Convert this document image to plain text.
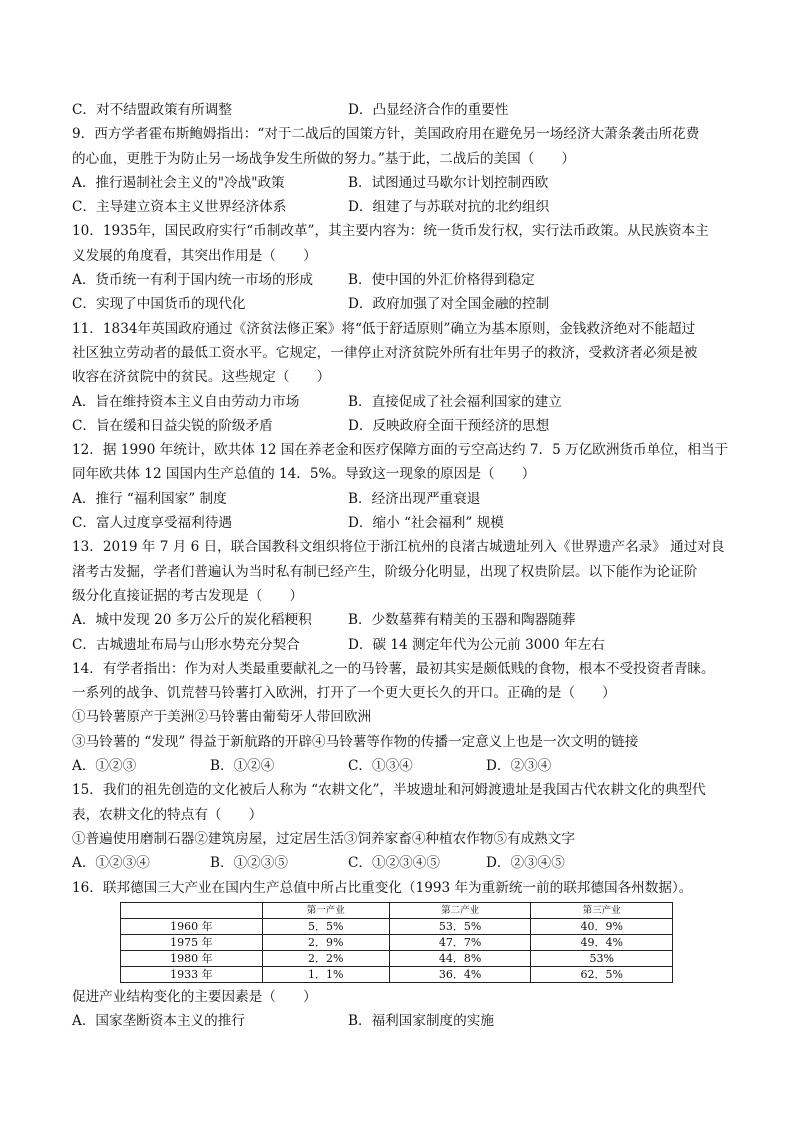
C．对不结盟政策有所调整	D．凸显经济合作的重要性
9．西方学者霍布斯鲍姆指出：“对于二战后的国策方针，美国政府用在避免另一场经济大萧条袭击所花费
的心血，更胜于为防止另一场战争发生所做的努力。”基于此，二战后的美国（　　）
A．推行遏制社会主义的"冷战"政策	B．试图通过马歇尔计划控制西欧
C．主导建立资本主义世界经济体系	D．组建了与苏联对抗的北约组织
10．1935年，国民政府实行“币制改革”，其主要内容为：统一货币发行权，实行法币政策。从民族资本主
义发展的角度看，其突出作用是（　　）
A．货币统一有利于国内统一市场的形成	B．使中国的外汇价格得到稳定
C．实现了中国货币的现代化	D．政府加强了对全国金融的控制
11．1834年英国政府通过《济贫法修正案》将“低于舒适原则”确立为基本原则，金钱救济绝对不能超过
社区独立劳动者的最低工资水平。它规定，一律停止对济贫院外所有壮年男子的救济，受救济者必须是被
收容在济贫院中的贫民。这些规定（　　）
A．旨在维持资本主义自由劳动力市场	B．直接促成了社会福利国家的建立
C．旨在缓和日益尖锐的阶级矛盾	D．反映政府全面干预经济的思想
12．据 1990 年统计，欧共体 12 国在养老金和医疗保障方面的亏空高达约 7．5 万亿欧洲货币单位，相当于
同年欧共体 12 国国内生产总值的 14．5%。导致这一现象的原因是（　　）
A．推行 “福利国家” 制度	B．经济出现严重衰退
C．富人过度享受福利待遇	D．缩小 “社会福利” 规模
13．2019 年 7 月 6 日，联合国教科文组织将位于浙江杭州的良渚古城遗址列入《世界遗产名录》 通过对良
渚考古发掘，学者们普遍认为当时私有制已经产生，阶级分化明显，出现了权贵阶层。以下能作为论证阶
级分化直接证据的考古发现是（　　）
A．城中发现 20 多万公斤的炭化稻粳积	B．少数墓葬有精美的玉器和陶器随葬
C．古城遗址布局与山形水势充分契合	D．碳 14 测定年代为公元前 3000 年左右
14．有学者指出：作为对人类最重要献礼之一的马铃薯，最初其实是颇低贱的食物，根本不受投资者青睐。
一系列的战争、饥荒替马铃薯打入欧洲，打开了一个更大更长久的开口。正确的是（　　）
①马铃薯原产于美洲②马铃薯由葡萄牙人带回欧洲
③马铃薯的 “发现” 得益于新航路的开辟④马铃薯等作物的传播一定意义上也是一次文明的链接
A．①②③	B．①②④	C．①③④	D．②③④
15．我们的祖先创造的文化被后人称为 “农耕文化”，半坡遗址和河姆渡遗址是我国古代农耕文化的典型代
表，农耕文化的特点有（　　）
①普遍使用磨制石器②建筑房屋，过定居生活③饲养家畜④种植农作物⑤有成熟文字
A．①②③④	B．①②③⑤	C．①②③④⑤	D．②③④⑤
16．联邦德国三大产业在国内生产总值中所占比重变化（1993 年为重新统一前的联邦德国各州数据）。
	第一产业	第二产业	第三产业
1960 年	5．5%	53．5%	40．9%
1975 年	2．9%	47．7%	49．4%
1980 年	2．2%	44．8%	53%
1933 年	1．1%	36．4%	62．5%
促进产业结构变化的主要因素是（　　）
A．国家垄断资本主义的推行	B．福利国家制度的实施
